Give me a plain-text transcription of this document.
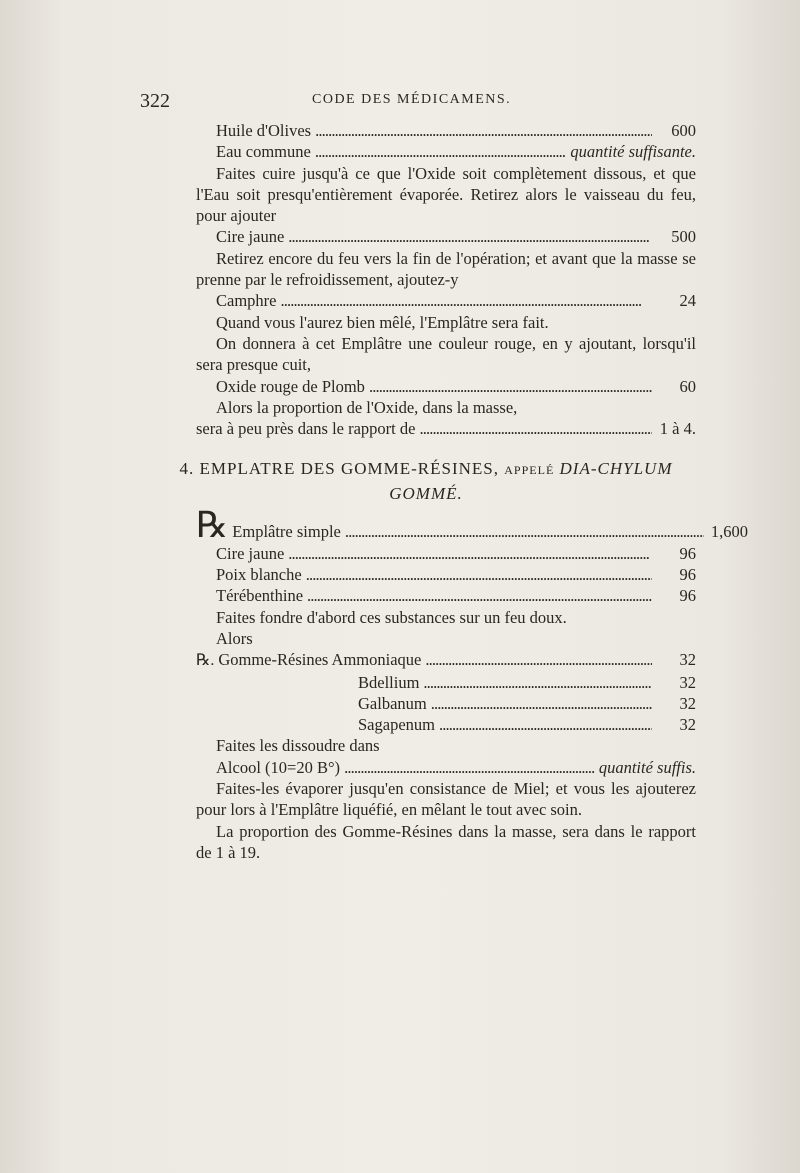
322	CODE DES MÉDICAMENS.
Huile d'Olives . . .	600
Eau commune . . .	quantité suffisante.

Faites cuire jusqu'à ce que l'Oxide soit complètement dissous, et que l'Eau soit presqu'entièrement évaporée. Retirez alors le vaisseau du feu, pour ajouter

Cire jaune . . .	500

Retirez encore du feu vers la fin de l'opération; et avant que la masse se prenne par le refroidissement, ajoutez-y

Camphre . . .	24

Quand vous l'aurez bien mêlé, l'Emplâtre sera fait.

On donnera à cet Emplâtre une couleur rouge, en y ajoutant, lorsqu'il sera presque cuit,

Oxide rouge de Plomb . . .	60

Alors la proportion de l'Oxide, dans la masse,

sera à peu près dans le rapport de . . .	1 à 4.
4. EMPLATRE DES GOMME-RÉSINES, APPELÉ DIA-CHYLUM GOMMÉ.
℞ Emplâtre simple . . .	1,600
Cire jaune . . .	96
Poix blanche . . .	96
Térébenthine . . .	96

Faites fondre d'abord ces substances sur un feu doux.

Alors

℞. Gomme-Résines Ammoniaque . . .	32
Bdellium . . .	32
Galbanum . . .	32
Sagapenum . . .	32

Faites les dissoudre dans

Alcool (10=20 B°) . . .	quantité suffis.

Faites-les évaporer jusqu'en consistance de Miel; et vous les ajouterez pour lors à l'Emplâtre liquéfié, en mêlant le tout avec soin.

La proportion des Gomme-Résines dans la masse, sera dans le rapport de 1 à 19.
